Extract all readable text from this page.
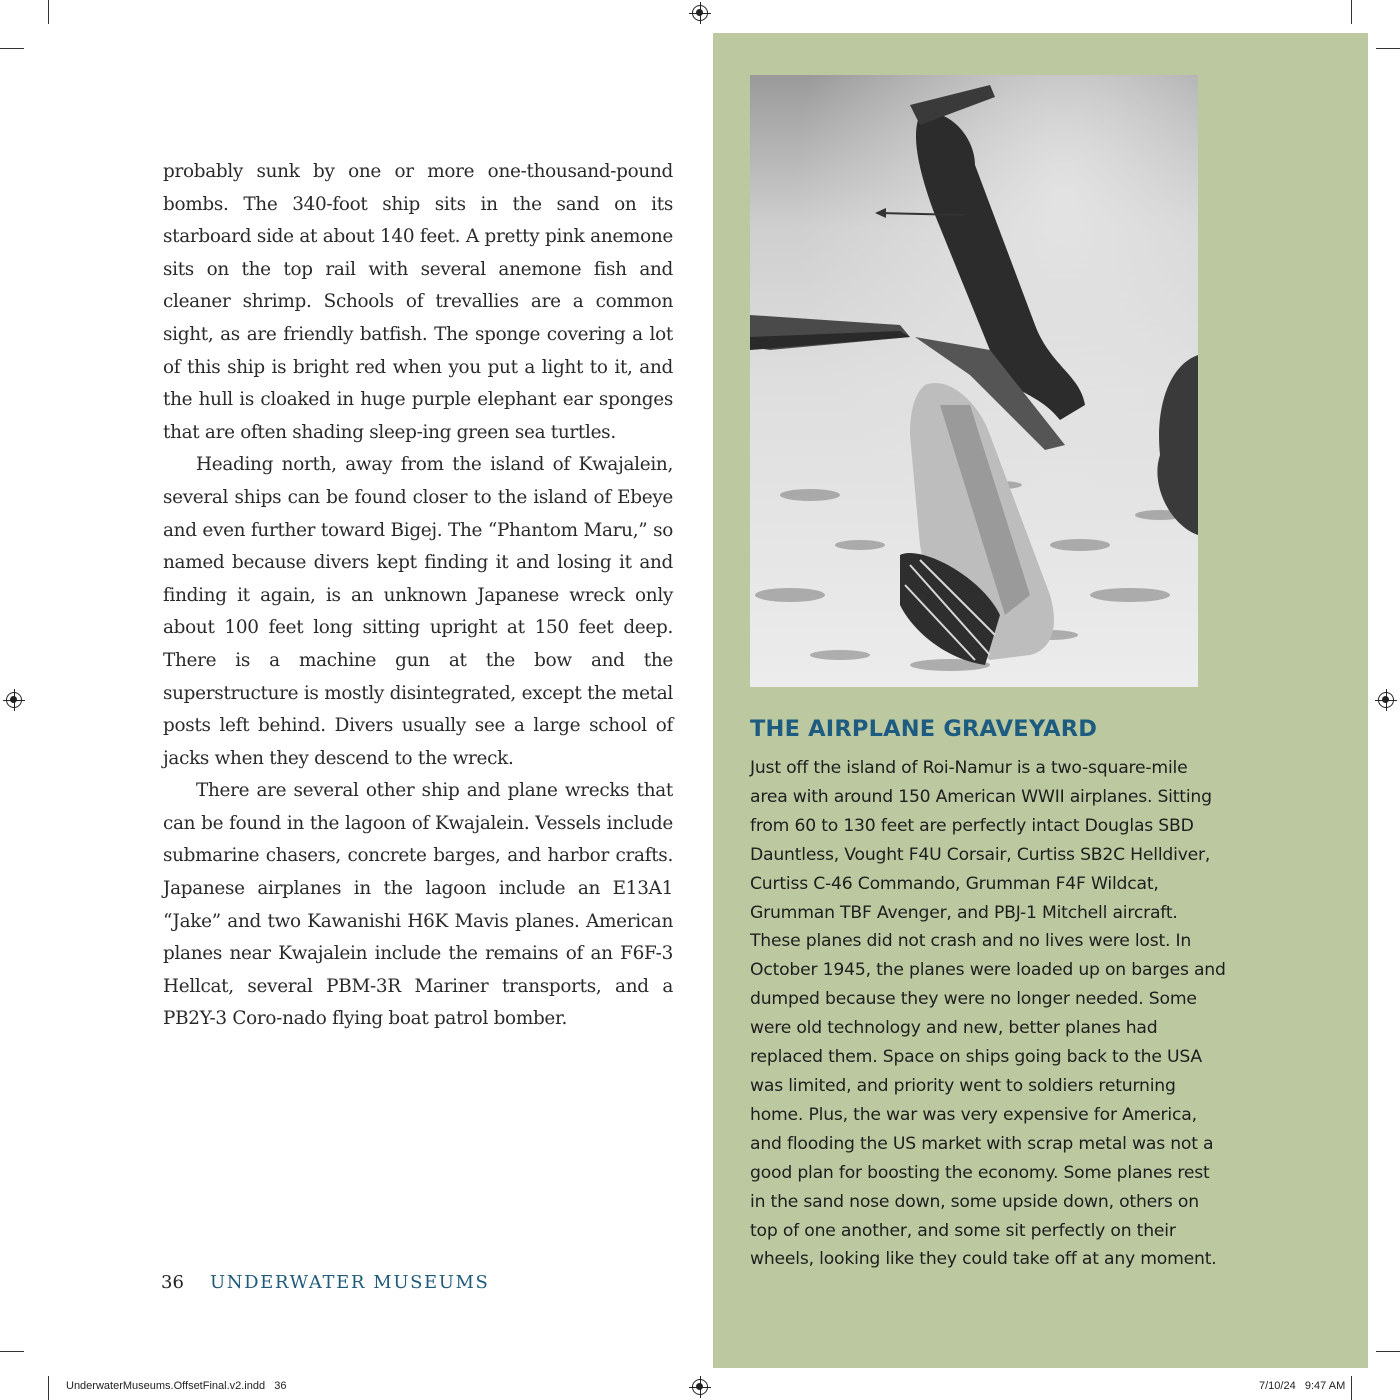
probably sunk by one or more one-thousand-pound bombs. The 340-foot ship sits in the sand on its starboard side at about 140 feet. A pretty pink anemone sits on the top rail with several anemone fish and cleaner shrimp. Schools of trevallies are a common sight, as are friendly batfish. The sponge covering a lot of this ship is bright red when you put a light to it, and the hull is cloaked in huge purple elephant ear sponges that are often shading sleep-ing green sea turtles.

Heading north, away from the island of Kwajalein, several ships can be found closer to the island of Ebeye and even further toward Bigej. The “Phantom Maru,” so named because divers kept finding it and losing it and finding it again, is an unknown Japanese wreck only about 100 feet long sitting upright at 150 feet deep. There is a machine gun at the bow and the superstructure is mostly disintegrated, except the metal posts left behind. Divers usually see a large school of jacks when they descend to the wreck.

There are several other ship and plane wrecks that can be found in the lagoon of Kwajalein. Vessels include submarine chasers, concrete barges, and harbor crafts. Japanese airplanes in the lagoon include an E13A1 “Jake” and two Kawanishi H6K Mavis planes. American planes near Kwajalein include the remains of an F6F-3 Hellcat, several PBM-3R Mariner transports, and a PB2Y-3 Coro-nado flying boat patrol bomber.

36 UNDERWATER MUSEUMS
THE AIRPLANE GRAVEYARD
Just off the island of Roi-Namur is a two-square-mile area with around 150 American WWII airplanes. Sitting from 60 to 130 feet are perfectly intact Douglas SBD Dauntless, Vought F4U Corsair, Curtiss SB2C Helldiver, Curtiss C-46 Commando, Grumman F4F Wildcat, Grumman TBF Avenger, and PBJ-1 Mitchell aircraft. These planes did not crash and no lives were lost. In October 1945, the planes were loaded up on barges and dumped because they were no longer needed. Some were old technology and new, better planes had replaced them. Space on ships going back to the USA was limited, and priority went to soldiers returning home. Plus, the war was very expensive for America, and flooding the US market with scrap metal was not a good plan for boosting the economy. Some planes rest in the sand nose down, some upside down, others on top of one another, and some sit perfectly on their wheels, looking like they could take off at any moment.
UnderwaterMuseums.OffsetFinal.v2.indd   36	7/10/24   9:47 AM
